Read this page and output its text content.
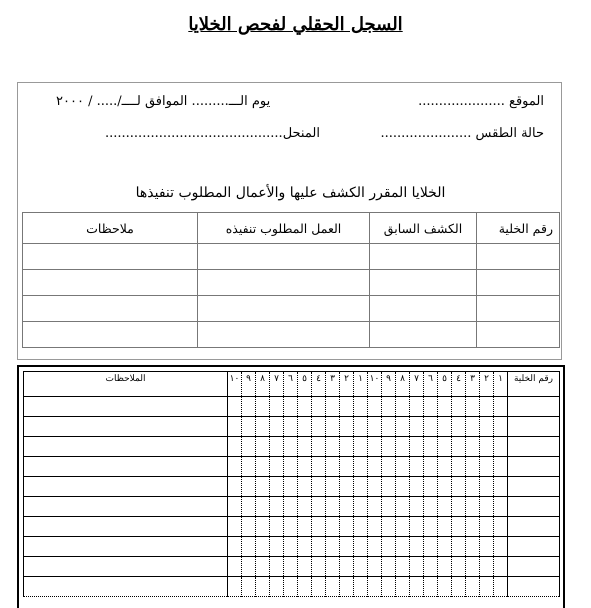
السجل الحقلي لفحص الخلايا
الموقع .....................
يوم الـــ......... الموافق لــــ/..... / ٢٠٠٠
حالة الطقس ......................
المنحل...........................................
الخلايا المقرر الكشف عليها والأعمال المطلوب تنفيذها
رقم الخلية	الكشف السابق	العمل المطلوب تنفيذه	ملاحظات

رقم الخلية	١	٢	٣	٤	٥	٦	٧	٨	٩	١٠	١	٢	٣	٤	٥	٦	٧	٨	٩	١٠	الملاحظات
